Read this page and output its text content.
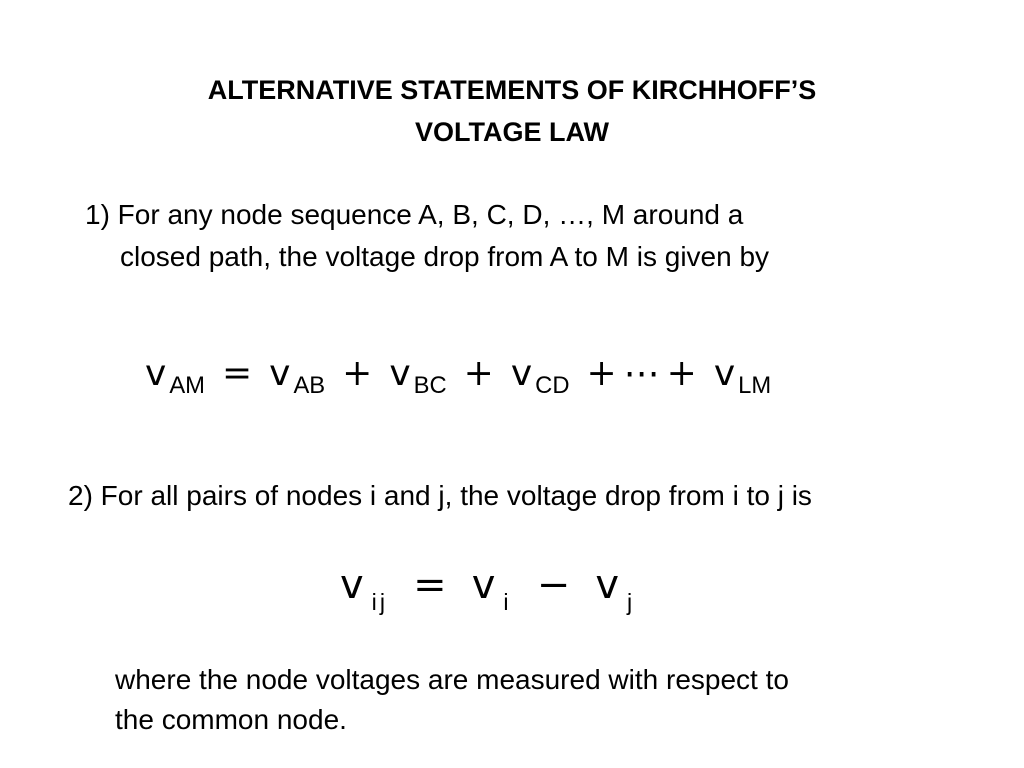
ALTERNATIVE STATEMENTS OF KIRCHHOFF’S
VOLTAGE LAW
1) For any node sequence A, B, C, D, …, M around a
closed path, the voltage drop from A to M is given by
v $_{AM}$ = v $_{AB}$ + v $_{BC}$ + v $_{CD}$ + ⋯ + v $_{LM}$
2) For all pairs of nodes i and j, the voltage drop from i to j is
v $_{ij}$ = v $_i$ − v $_j$
where the node voltages are measured with respect to
the common node.
